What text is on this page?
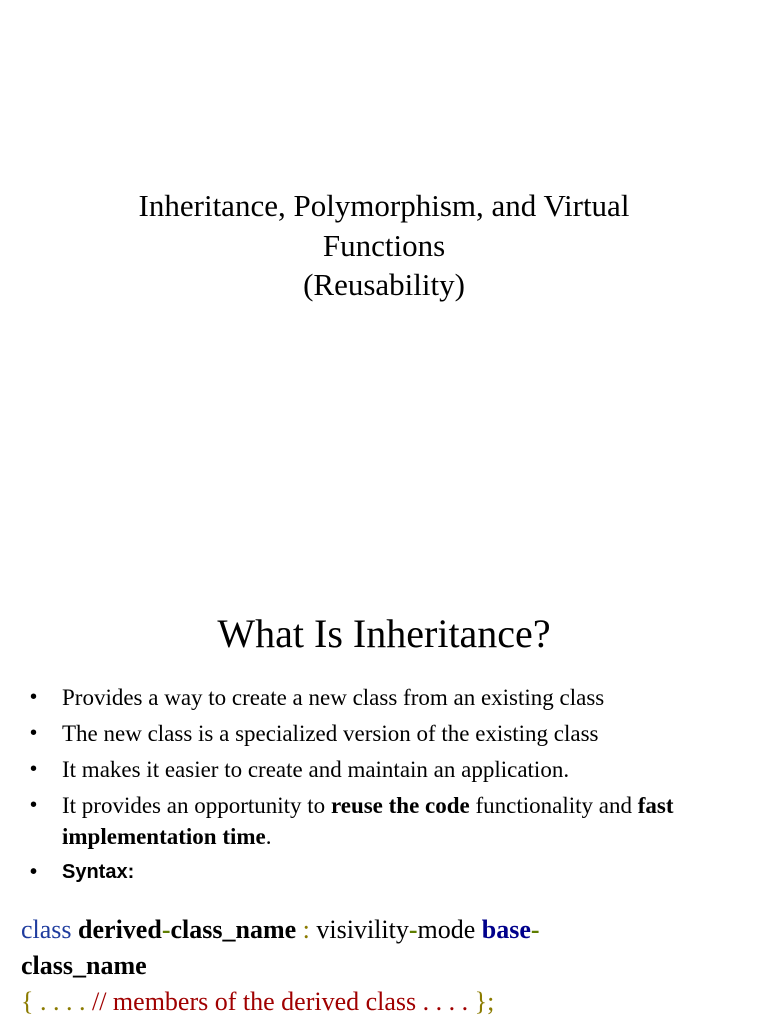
Inheritance, Polymorphism, and Virtual
Functions
(Reusability)
What Is Inheritance?
• Provides a way to create a new class from an existing class
• The new class is a specialized version of the existing class
• It makes it easier to create and maintain an application.
• It provides an opportunity to reuse the code functionality and fast implementation time.
• Syntax:
class derived-class_name : visivility-mode base-
class_name
{ . . . . // members of the derived class . . . . };
